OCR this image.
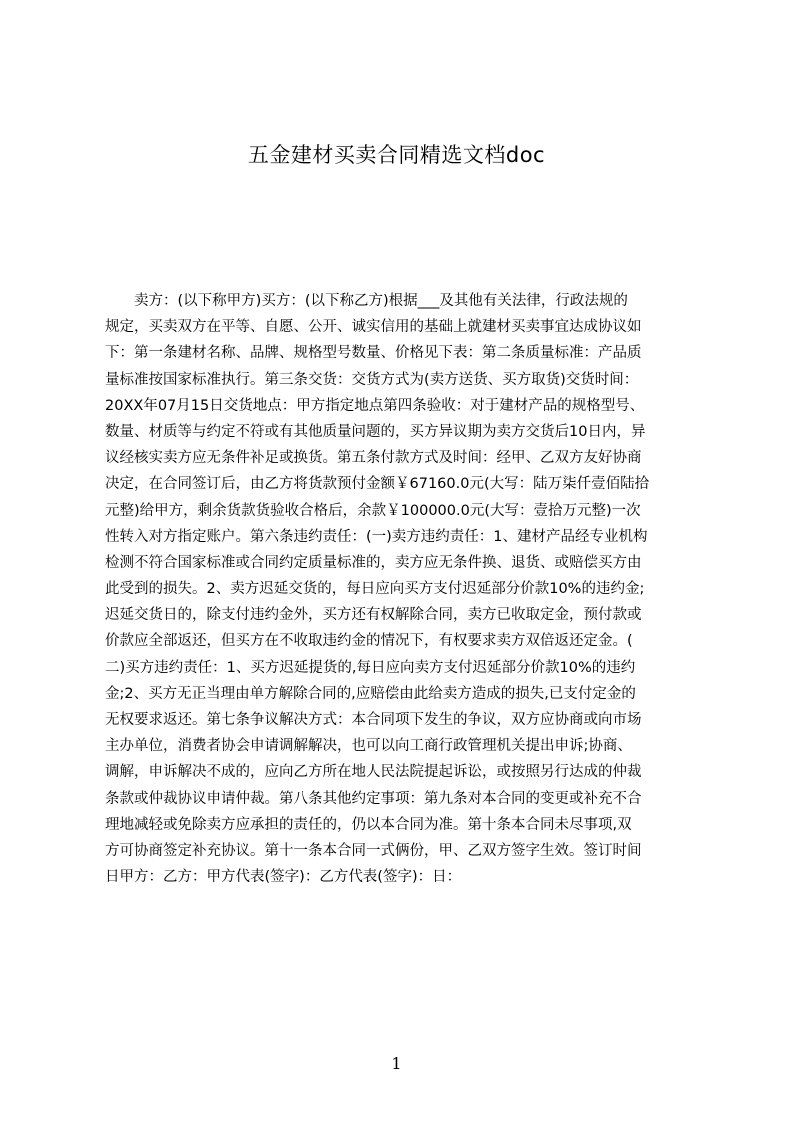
五金建材买卖合同精选文档doc
　　卖方：(以下称甲方)买方：(以下称乙方)根据___及其他有关法律，行政法规的
规定，买卖双方在平等、自愿、公开、诚实信用的基础上就建材买卖事宜达成协议如
下：第一条建材名称、品牌、规格型号数量、价格见下表：第二条质量标准：产品质
量标准按国家标准执行。第三条交货：交货方式为(卖方送货、买方取货)交货时间：
20XX年07月15日交货地点：甲方指定地点第四条验收：对于建材产品的规格型号、
数量、材质等与约定不符或有其他质量问题的，买方异议期为卖方交货后10日内，异
议经核实卖方应无条件补足或换货。第五条付款方式及时间：经甲、乙双方友好协商
决定，在合同签订后，由乙方将货款预付金额￥67160.0元(大写：陆万柒仟壹佰陆拾
元整)给甲方，剩余货款货验收合格后，余款￥100000.0元(大写：壹拾万元整)一次
性转入对方指定账户。第六条违约责任：(一)卖方违约责任：1、建材产品经专业机构
检测不符合国家标准或合同约定质量标准的，卖方应无条件换、退货、或赔偿买方由
此受到的损失。2、卖方迟延交货的，每日应向买方支付迟延部分价款10%的违约金;
迟延交货日的，除支付违约金外，买方还有权解除合同，卖方已收取定金，预付款或
价款应全部返还，但买方在不收取违约金的情况下，有权要求卖方双倍返还定金。(
二)买方违约责任：1、买方迟延提货的,每日应向卖方支付迟延部分价款10%的违约
金;2、买方无正当理由单方解除合同的,应赔偿由此给卖方造成的损失,已支付定金的
无权要求返还。第七条争议解决方式：本合同项下发生的争议，双方应协商或向市场
主办单位，消费者协会申请调解解决，也可以向工商行政管理机关提出申诉;协商、
调解，申诉解决不成的，应向乙方所在地人民法院提起诉讼，或按照另行达成的仲裁
条款或仲裁协议申请仲裁。第八条其他约定事项：第九条对本合同的变更或补充不合
理地减轻或免除卖方应承担的责任的，仍以本合同为准。第十条本合同未尽事项,双
方可协商签定补充协议。第十一条本合同一式俩份，甲、乙双方签字生效。签订时间
日甲方：乙方：甲方代表(签字)：乙方代表(签字)：日：
1
